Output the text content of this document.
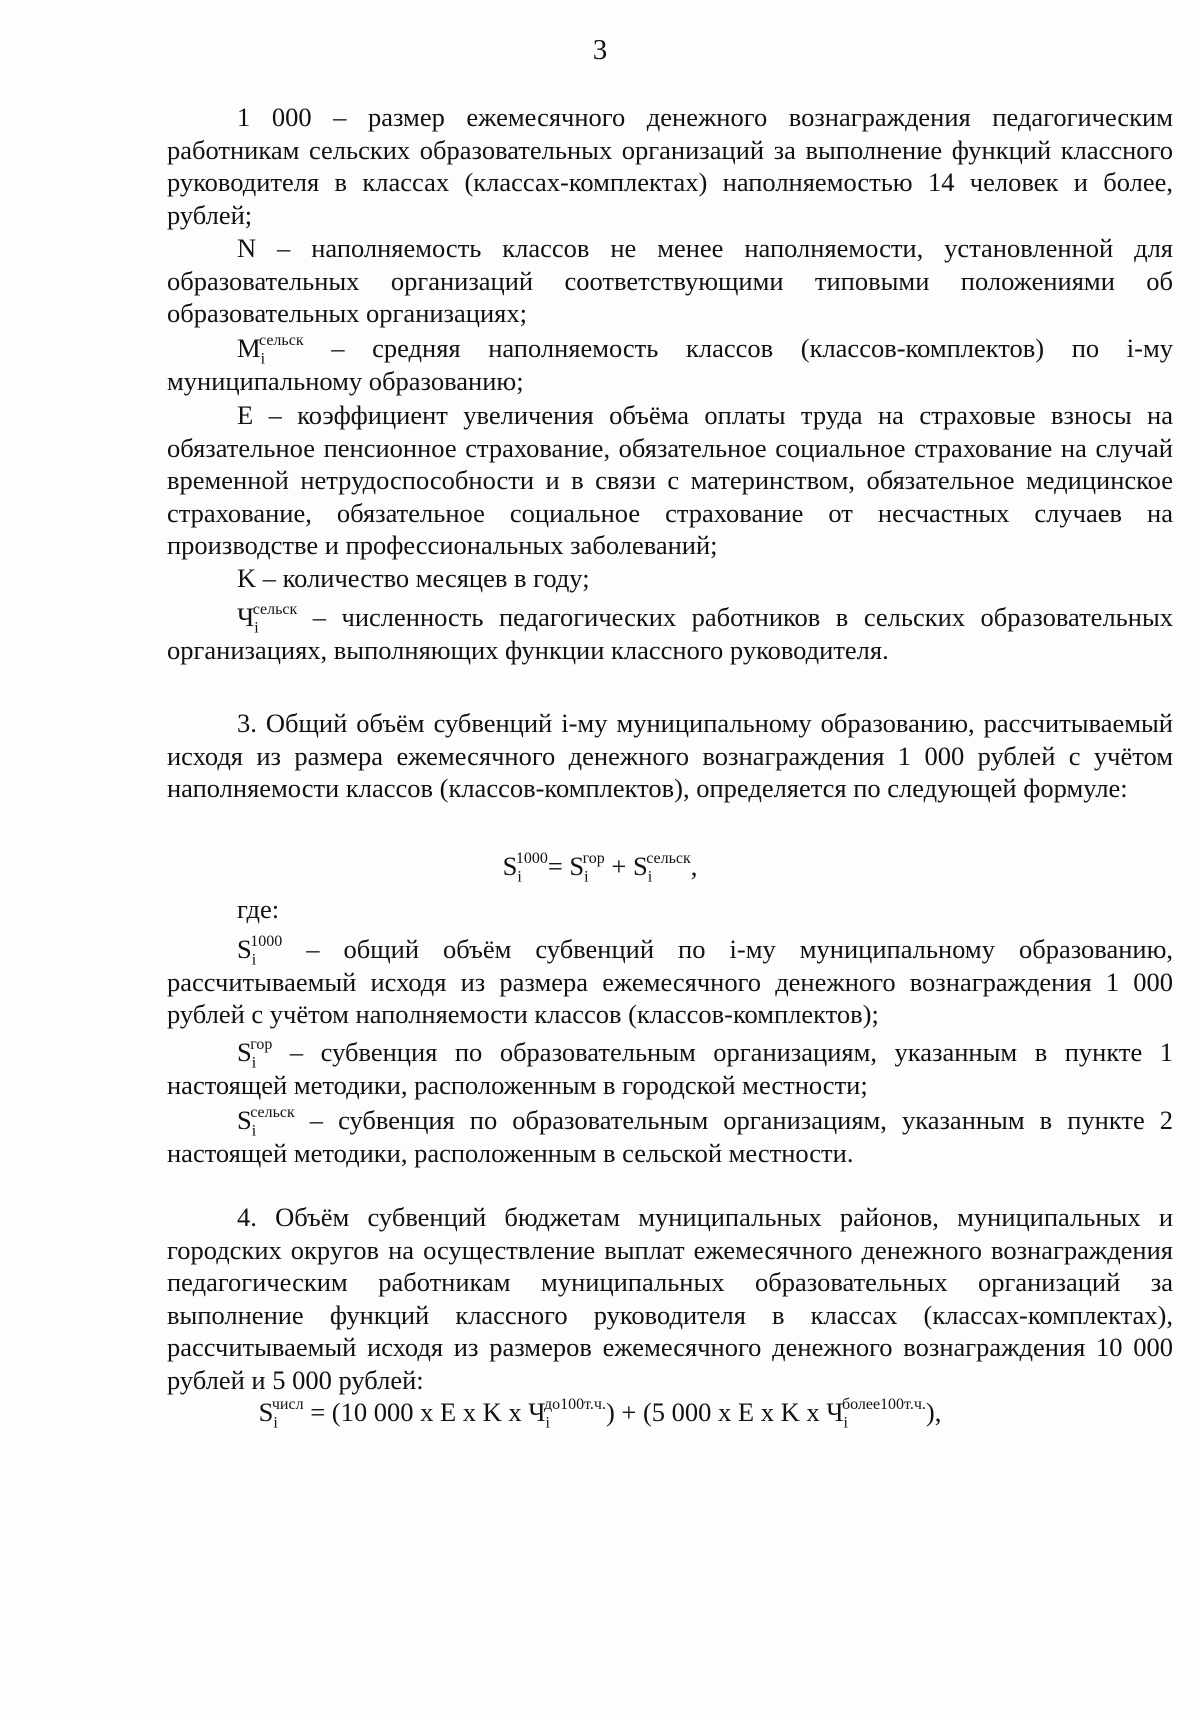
3

1 000 – размер ежемесячного денежного вознаграждения педагогическим работникам сельских образовательных организаций за выполнение функций классного руководителя в классах (классах-комплектах) наполняемостью 14 человек и более, рублей;

N – наполняемость классов не менее наполняемости, установленной для образовательных организаций соответствующими типовыми положениями об образовательных организациях;

$M_i^{сельск}$ – средняя наполняемость классов (классов-комплектов) по i-му муниципальному образованию;

E – коэффициент увеличения объёма оплаты труда на страховые взносы на обязательное пенсионное страхование, обязательное социальное страхование на случай временной нетрудоспособности и в связи с материнством, обязательное медицинское страхование, обязательное социальное страхование от несчастных случаев на производстве и профессиональных заболеваний;

K – количество месяцев в году;

$Ч_i^{сельск}$ – численность педагогических работников в сельских образовательных организациях, выполняющих функции классного руководителя.

3. Общий объём субвенций i-му муниципальному образованию, рассчитываемый исходя из размера ежемесячного денежного вознаграждения 1 000 рублей с учётом наполняемости классов (классов-комплектов), определяется по следующей формуле:

$S_i^{1000}= S_i^{гор} + S_i^{сельск}$,

где:

$S_i^{1000}$ – общий объём субвенций по i-му муниципальному образованию, рассчитываемый исходя из размера ежемесячного денежного вознаграждения 1 000 рублей с учётом наполняемости классов (классов-комплектов);

$S_i^{гор}$ – субвенция по образовательным организациям, указанным в пункте 1 настоящей методики, расположенным в городской местности;

$S_i^{сельск}$ – субвенция по образовательным организациям, указанным в пункте 2 настоящей методики, расположенным в сельской местности.

4. Объём субвенций бюджетам муниципальных районов, муниципальных и городских округов на осуществление выплат ежемесячного денежного вознаграждения педагогическим работникам муниципальных образовательных организаций за выполнение функций классного руководителя в классах (классах-комплектах), рассчитываемый исходя из размеров ежемесячного денежного вознаграждения 10 000 рублей и 5 000 рублей:

$S_i^{числ} = (10$ 000 х E х K х $Ч_i^{до100т.ч.}) + (5$ 000 х E х K х $Ч_i^{более100т.ч.}$),
